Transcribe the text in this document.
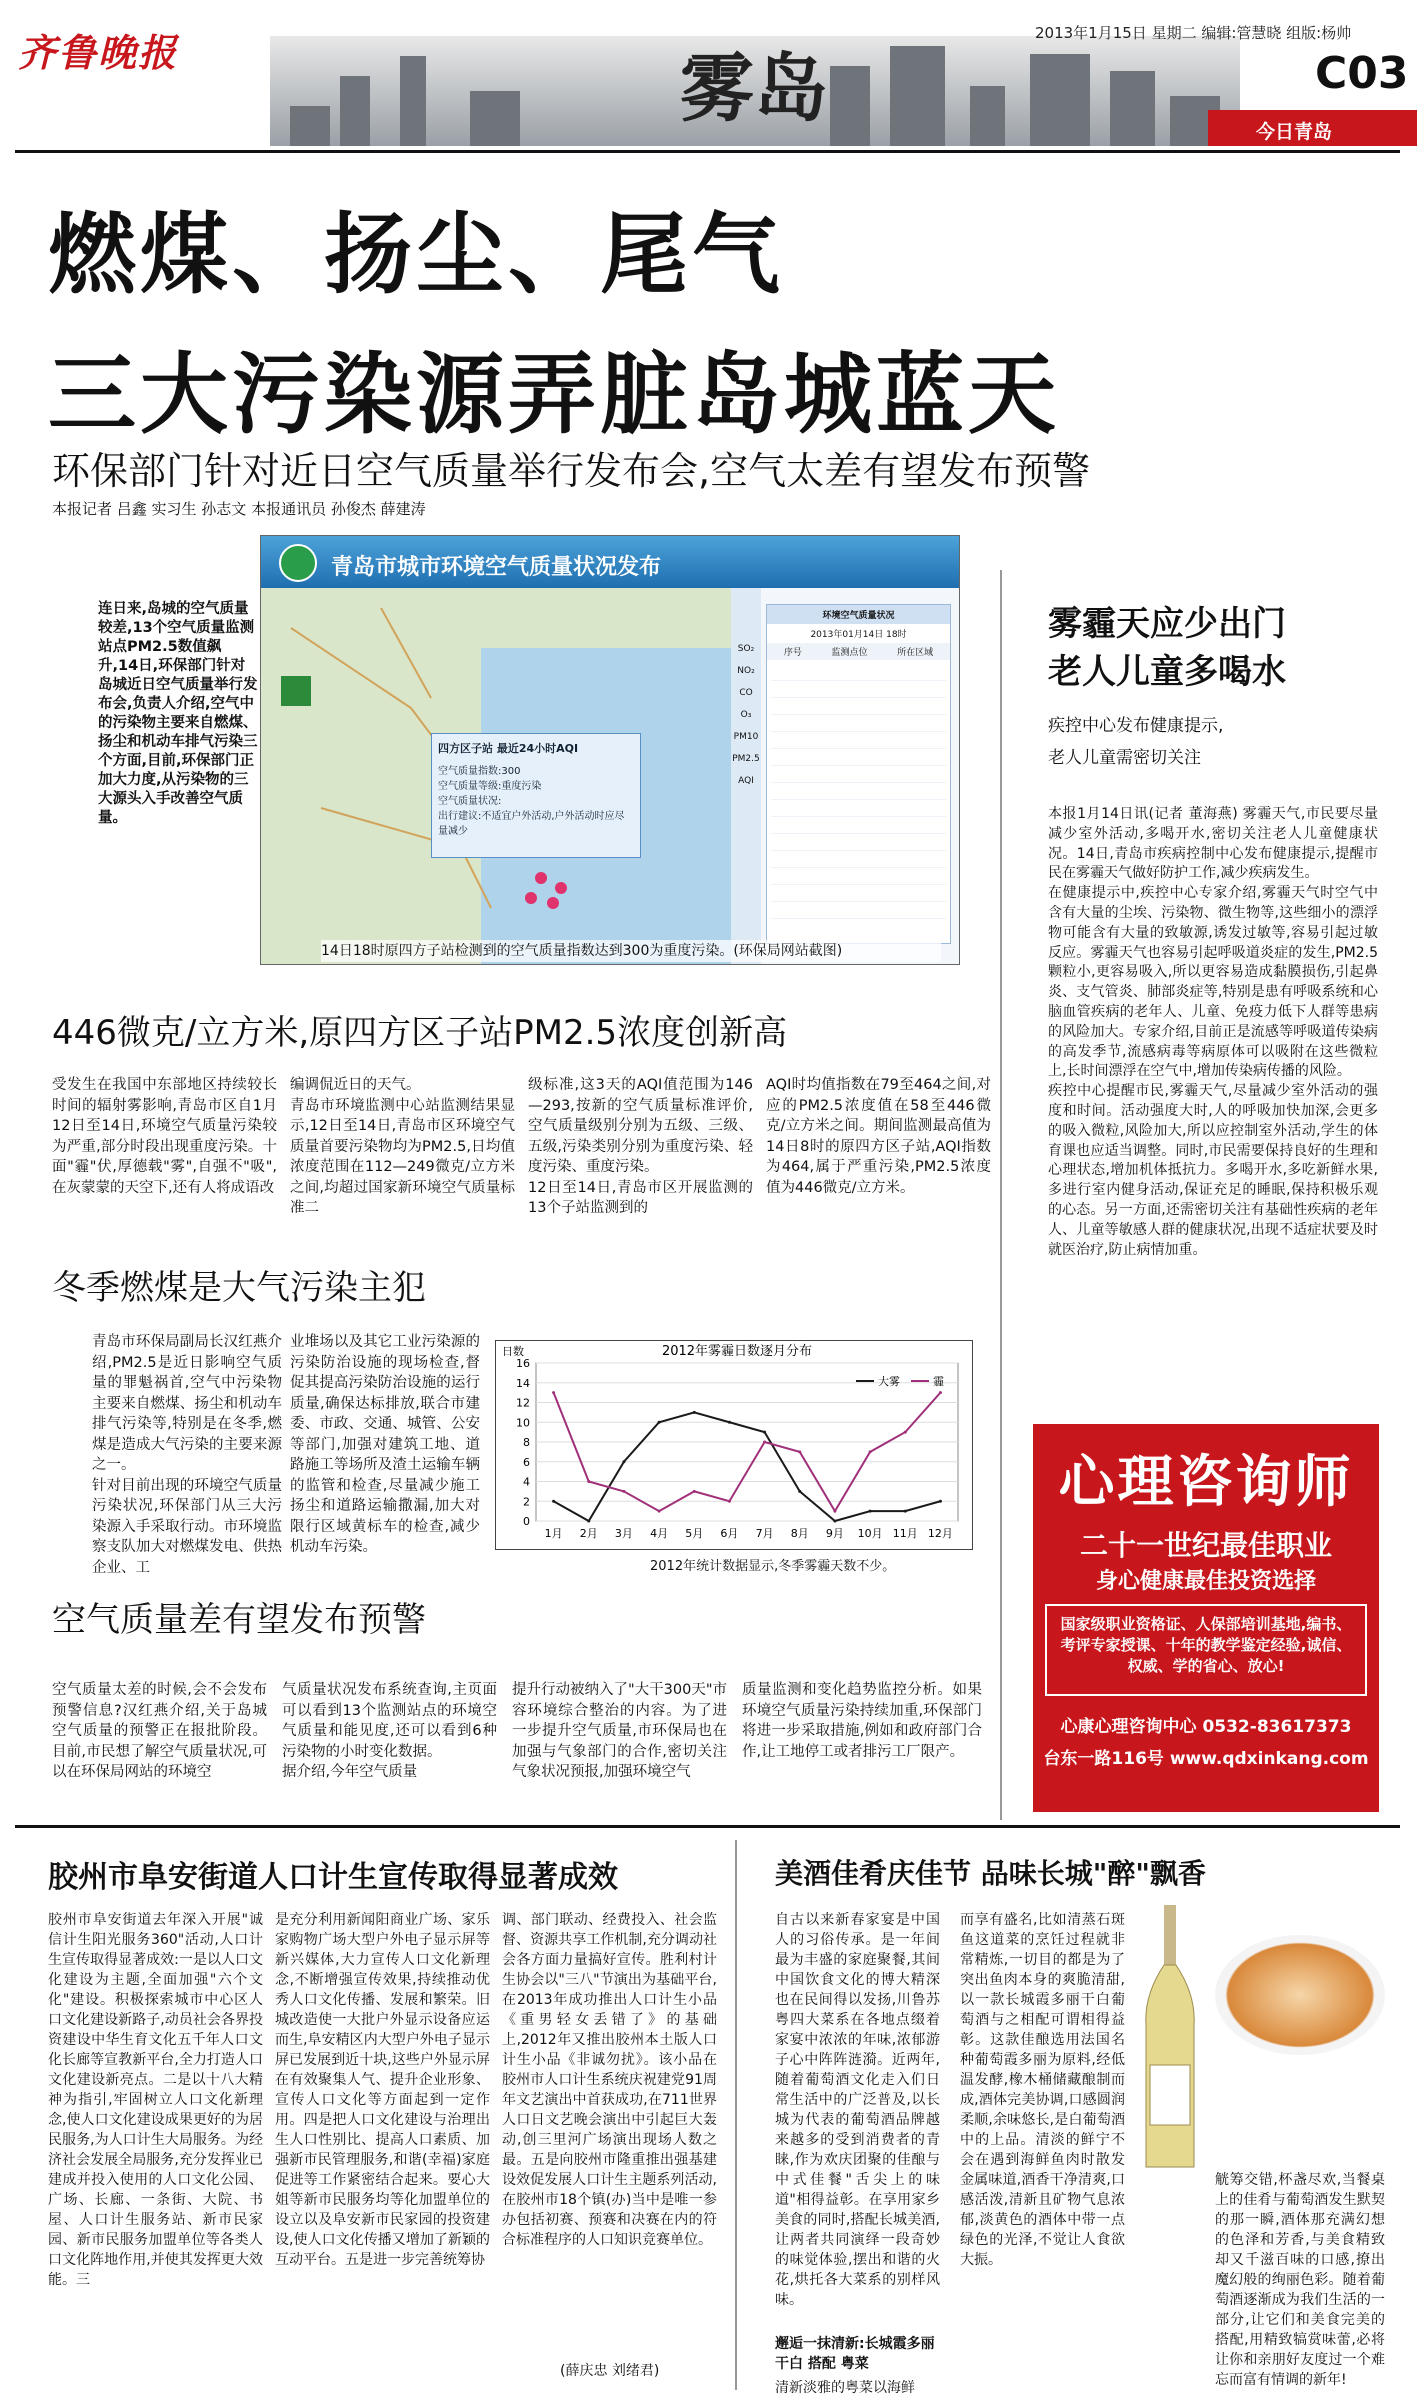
齐鲁晚报	雾岛
2013年1月15日 星期二 编辑:管慧晓 组版:杨帅
C03
今日青岛
燃煤、扬尘、尾气
三大污染源弄脏岛城蓝天
环保部门针对近日空气质量举行发布会,空气太差有望发布预警
本报记者 吕鑫 实习生 孙志文 本报通讯员 孙俊杰 薛建涛
青岛市城市环境空气质量状况发布
四方区子站 最近24小时AQI
空气质量指数:300
空气质量等级:重度污染
空气质量状况:
出行建议:不适宜户外活动,户外活动时应尽量减少
SO₂
NO₂
CO
O₃
PM10
PM2.5
AQI
环境空气质量状况
2013年01月14日 18时
序号	监测点位	所在区域
14日18时原四方子站检测到的空气质量指数达到300为重度污染。(环保局网站截图)
连日来,岛城的空气质量较差,13个空气质量监测站点PM2.5数值飙升,14日,环保部门针对岛城近日空气质量举行发布会,负责人介绍,空气中的污染物主要来自燃煤、扬尘和机动车排气污染三个方面,目前,环保部门正加大力度,从污染物的三大源头入手改善空气质量。
446微克/立方米,原四方区子站PM2.5浓度创新高
受发生在我国中东部地区持续较长时间的辐射雾影响,青岛市区自1月12日至14日,环境空气质量污染较为严重,部分时段出现重度污染。十面"霾"伏,厚德载"雾",自强不"吸",在灰蒙蒙的天空下,还有人将成语改
编调侃近日的天气。
青岛市环境监测中心站监测结果显示,12日至14日,青岛市区环境空气质量首要污染物均为PM2.5,日均值浓度范围在112—249微克/立方米之间,均超过国家新环境空气质量标准二
级标准,这3天的AQI值范围为146—293,按新的空气质量标准评价,空气质量级别分别为五级、三级、五级,污染类别分别为重度污染、轻度污染、重度污染。
12日至14日,青岛市区开展监测的13个子站监测到的
AQI时均值指数在79至464之间,对应的PM2.5浓度值在58至446微克/立方米之间。期间监测最高值为14日8时的原四方区子站,AQI指数为464,属于严重污染,PM2.5浓度值为446微克/立方米。
冬季燃煤是大气污染主犯
青岛市环保局副局长汉红燕介绍,PM2.5是近日影响空气质量的罪魁祸首,空气中污染物主要来自燃煤、扬尘和机动车排气污染等,特别是在冬季,燃煤是造成大气污染的主要来源之一。
针对目前出现的环境空气质量污染状况,环保部门从三大污染源入手采取行动。市环境监察支队加大对燃煤发电、供热企业、工
业堆场以及其它工业污染源的污染防治设施的现场检查,督促其提高污染防治设施的运行质量,确保达标排放,联合市建委、市政、交通、城管、公安等部门,加强对建筑工地、道路施工等场所及渣土运输车辆的监管和检查,尽量减少施工扬尘和道路运输撒漏,加大对限行区域黄标车的检查,减少机动车污染。
0
2
4
6
8
10
12
14
16
1月 2月 3月 4月 5月 6月 7月 8月 9月 10月 11月 12月
日数	2012年雾霾日数逐月分布
大雾	霾
2012年统计数据显示,冬季雾霾天数不少。
空气质量差有望发布预警
空气质量太差的时候,会不会发布预警信息?汉红燕介绍,关于岛城空气质量的预警正在报批阶段。目前,市民想了解空气质量状况,可以在环保局网站的环境空
气质量状况发布系统查询,主页面可以看到13个监测站点的环境空气质量和能见度,还可以看到6种污染物的小时变化数据。
据介绍,今年空气质量
提升行动被纳入了"大干300天"市容环境综合整治的内容。为了进一步提升空气质量,市环保局也在加强与气象部门的合作,密切关注气象状况预报,加强环境空气
质量监测和变化趋势监控分析。如果环境空气质量污染持续加重,环保部门将进一步采取措施,例如和政府部门合作,让工地停工或者排污工厂限产。
雾霾天应少出门
老人儿童多喝水
疾控中心发布健康提示,
老人儿童需密切关注
本报1月14日讯(记者 董海燕) 雾霾天气,市民要尽量减少室外活动,多喝开水,密切关注老人儿童健康状况。14日,青岛市疾病控制中心发布健康提示,提醒市民在雾霾天气做好防护工作,减少疾病发生。
在健康提示中,疾控中心专家介绍,雾霾天气时空气中含有大量的尘埃、污染物、微生物等,这些细小的漂浮物可能含有大量的致敏源,诱发过敏等,容易引起过敏反应。雾霾天气也容易引起呼吸道炎症的发生,PM2.5颗粒小,更容易吸入,所以更容易造成黏膜损伤,引起鼻炎、支气管炎、肺部炎症等,特别是患有呼吸系统和心脑血管疾病的老年人、儿童、免疫力低下人群等患病的风险加大。专家介绍,目前正是流感等呼吸道传染病的高发季节,流感病毒等病原体可以吸附在这些微粒上,长时间漂浮在空气中,增加传染病传播的风险。
疾控中心提醒市民,雾霾天气,尽量减少室外活动的强度和时间。活动强度大时,人的呼吸加快加深,会更多的吸入微粒,风险加大,所以应控制室外活动,学生的体育课也应适当调整。同时,市民需要保持良好的生理和心理状态,增加机体抵抗力。多喝开水,多吃新鲜水果,多进行室内健身活动,保证充足的睡眠,保持积极乐观的心态。另一方面,还需密切关注有基础性疾病的老年人、儿童等敏感人群的健康状况,出现不适症状要及时就医治疗,防止病情加重。
心理咨询师
二十一世纪最佳职业
身心健康最佳投资选择
国家级职业资格证、人保部培训基地,编书、考评专家授课、十年的教学鉴定经验,诚信、权威、学的省心、放心!
心康心理咨询中心 0532-83617373
台东一路116号 www.qdxinkang.com
胶州市阜安街道人口计生宣传取得显著成效
胶州市阜安街道去年深入开展"诚信计生阳光服务360"活动,人口计生宣传取得显著成效:一是以人口文化建设为主题,全面加强"六个文化"建设。积极探索城市中心区人口文化建设新路子,动员社会各界投资建设中华生育文化五千年人口文化长廊等宣教新平台,全力打造人口文化建设新亮点。二是以十八大精神为指引,牢固树立人口文化新理念,使人口文化建设成果更好的为居民服务,为人口计生大局服务。为经济社会发展全局服务,充分发挥业已建成并投入使用的人口文化公园、广场、长廊、一条街、大院、书屋、人口计生服务站、新市民家园、新市民服务加盟单位等各类人口文化阵地作用,并使其发挥更大效能。三
是充分利用新闻阳商业广场、家乐家购物广场大型户外电子显示屏等新兴媒体,大力宣传人口文化新理念,不断增强宣传效果,持续推动优秀人口文化传播、发展和繁荣。旧城改造使一大批户外显示设备应运而生,阜安精区内大型户外电子显示屏已发展到近十块,这些户外显示屏在有效聚集人气、提升企业形象、宣传人口文化等方面起到一定作用。四是把人口文化建设与治理出生人口性别比、提高人口素质、加强新市民管理服务,和谐(幸福)家庭促进等工作紧密结合起来。要心大姐等新市民服务均等化加盟单位的设立以及阜安新市民家园的投资建设,使人口文化传播又增加了新颖的互动平台。五是进一步完善统筹协
调、部门联动、经费投入、社会监督、资源共享工作机制,充分调动社会各方面力量搞好宣传。胜利村计生协会以"三八"节演出为基础平台,在2013年成功推出人口计生小品《重男轻女丢错了》的基础上,2012年又推出胶州本土版人口计生小品《非诚勿扰》。该小品在胶州市人口计生系统庆祝建党91周年文艺演出中首获成功,在711世界人口日文艺晚会演出中引起巨大轰动,创三里河广场演出现场人数之最。五是向胶州市隆重推出强基建设效促发展人口计生主题系列活动,在胶州市18个镇(办)当中是唯一参办包括初赛、预赛和决赛在内的符合标准程序的人口知识竞赛单位。
(薛庆忠 刘绪君)
美酒佳肴庆佳节 品味长城"醉"飘香
自古以来新春家宴是中国人的习俗传承。是一年间最为丰盛的家庭聚餐,其间中国饮食文化的博大精深也在民间得以发扬,川鲁苏粤四大菜系在各地点缀着家宴中浓浓的年味,浓郁游子心中阵阵涟漪。近两年,随着葡萄酒文化走入们日常生活中的广泛普及,以长城为代表的葡萄酒品牌越来越多的受到消费者的青睐,作为欢庆团聚的佳酿与中式佳餐"舌尖上的味道"相得益彰。在享用家乡美食的同时,搭配长城美酒,让两者共同演绎一段奇妙的味觉体验,摆出和谐的火花,烘托各大菜系的别样风味。
邂逅一抹清新:长城霞多丽干白 搭配 粤菜
清新淡雅的粤菜以海鲜
而享有盛名,比如清蒸石斑鱼这道菜的烹饪过程就非常精炼,一切目的都是为了突出鱼肉本身的爽脆清甜,以一款长城霞多丽干白葡萄酒与之相配可谓相得益彰。这款佳酿选用法国名种葡萄霞多丽为原料,经低温发酵,橡木桶储藏酿制而成,酒体完美协调,口感圆润柔顺,余味悠长,是白葡萄酒中的上品。清淡的鲜宁不会在遇到海鲜鱼肉时散发金属味道,酒香干净清爽,口感活泼,清新且矿物气息浓郁,淡黄色的酒体中带一点绿色的光泽,不觉让人食欲大振。
觥筹交错,杯盏尽欢,当餐桌上的佳肴与葡萄酒发生默契的那一瞬,酒体那充满幻想的色泽和芳香,与美食精致却又千滋百味的口感,撩出魔幻般的绚丽色彩。随着葡萄酒逐渐成为我们生活的一部分,让它们和美食完美的搭配,用精致犒赏味蕾,必将让你和亲朋好友度过一个难忘而富有情调的新年!
